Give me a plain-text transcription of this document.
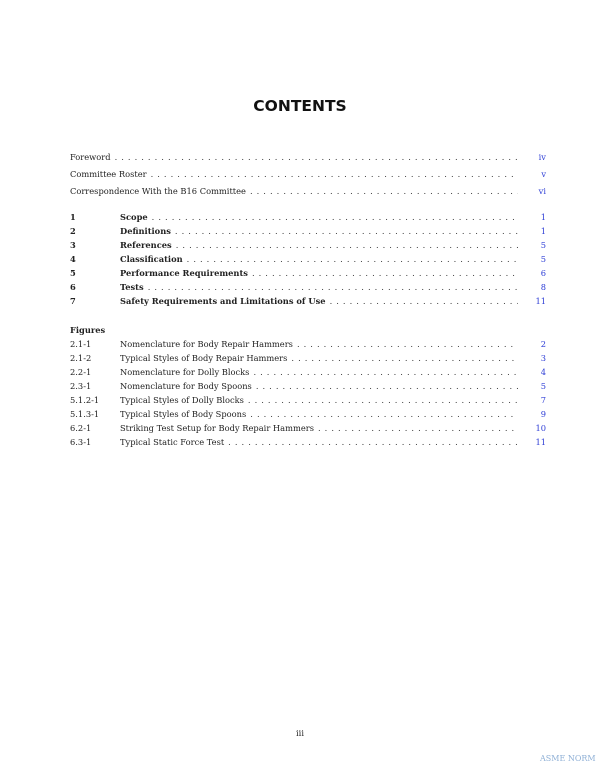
CONTENTS
Foreword . . .	iv
Committee Roster . . .	v
Correspondence With the B16 Committee . . .	vi
1	Scope . . .	1
2	Definitions . . .	1
3	References . . .	5
4	Classification . . .	5
5	Performance Requirements . . .	6
6	Tests . . .	8
7	Safety Requirements and Limitations of Use . . .	11
2.1-1	Nomenclature for Body Repair Hammers . . .	2
2.1-2	Typical Styles of Body Repair Hammers . . .	3
2.2-1	Nomenclature for Dolly Blocks . . .	4
2.3-1	Nomenclature for Body Spoons . . .	5
5.1.2-1	Typical Styles of Dolly Blocks . . .	7
5.1.3-1	Typical Styles of Body Spoons . . .	9
6.2-1	Striking Test Setup for Body Repair Hammers . . .	10
6.3-1	Typical Static Force Test . . .	11
Figures
iii
ASME NORM
